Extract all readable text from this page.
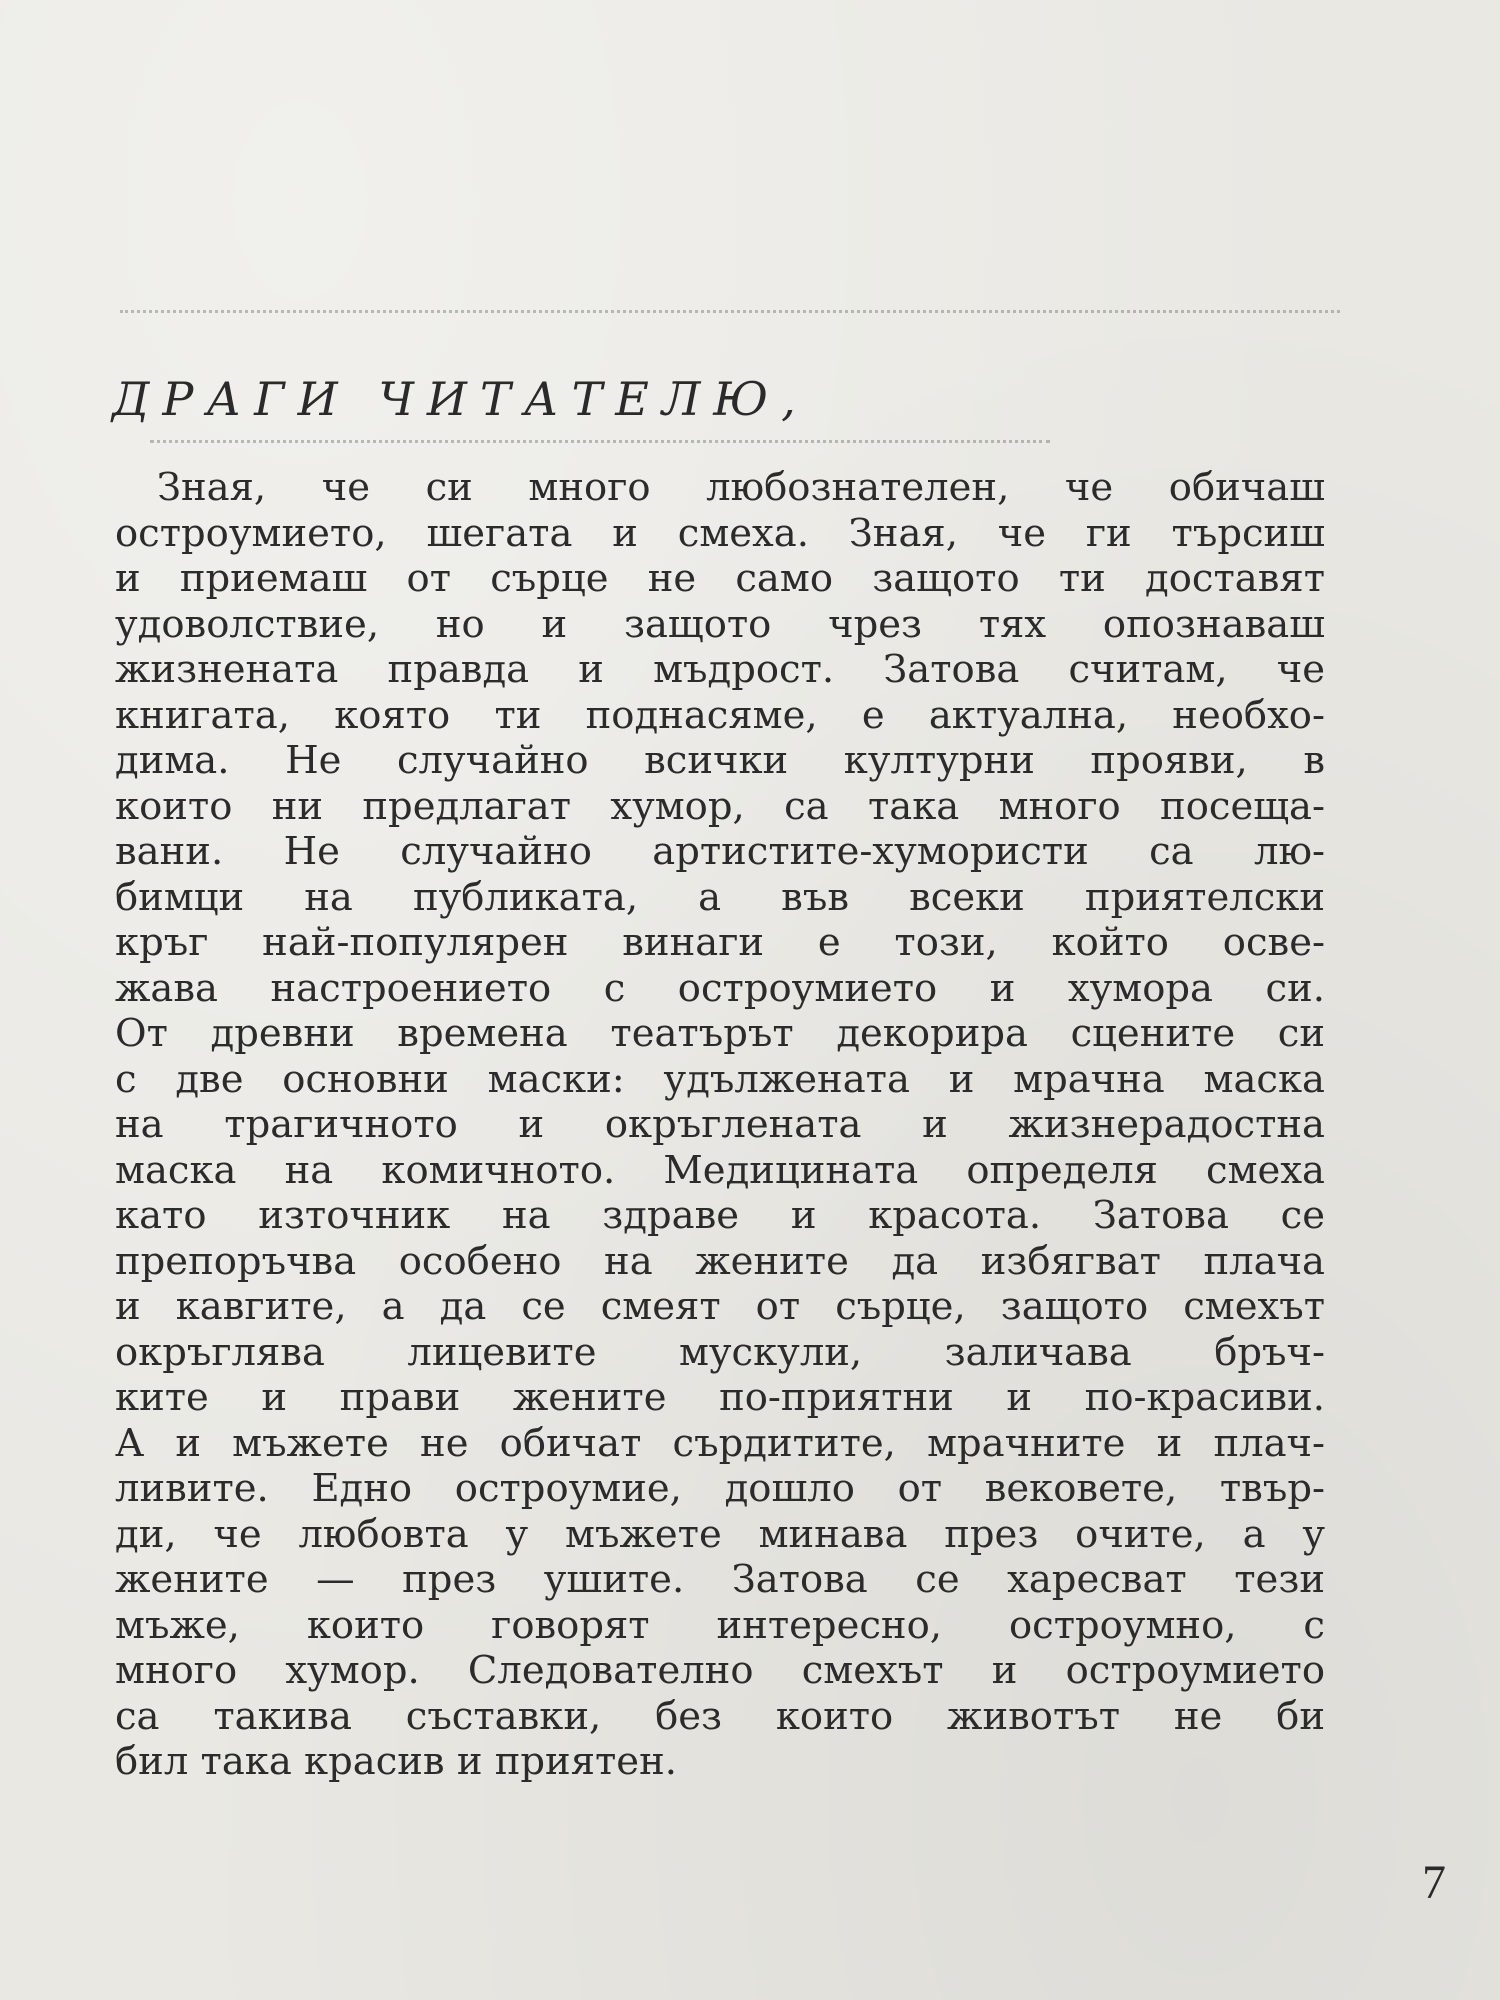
ДРАГИ ЧИТАТЕЛЮ,
Зная, че си много любознателен, че обичаш
остроумието, шегата и смеха. Зная, че ги търсиш
и приемаш от сърце не само защото ти доставят
удоволствие, но и защото чрез тях опознаваш
жизнената правда и мъдрост. Затова считам, че
книгата, която ти поднасяме, е актуална, необхо-
дима. Не случайно всички културни прояви, в
които ни предлагат хумор, са така много посеща-
вани. Не случайно артистите-хумористи са лю-
бимци на публиката, а във всеки приятелски
кръг най-популярен винаги е този, който осве-
жава настроението с остроумието и хумора си.
От древни времена театърът декорира сцените си
с две основни маски: удължената и мрачна маска
на трагичното и окръглената и жизнерадостна
маска на комичното. Медицината определя смеха
като източник на здраве и красота. Затова се
препоръчва особено на жените да избягват плача
и кавгите, а да се смеят от сърце, защото смехът
окръглява лицевите мускули, заличава бръч-
ките и прави жените по-приятни и по-красиви.
А и мъжете не обичат сърдитите, мрачните и плач-
ливите. Едно остроумие, дошло от вековете, твър-
ди, че любовта у мъжете минава през очите, а у
жените — през ушите. Затова се харесват тези
мъже, които говорят интересно, остроумно, с
много хумор. Следователно смехът и остроумието
са такива съставки, без които животът не би
бил така красив и приятен.
7
